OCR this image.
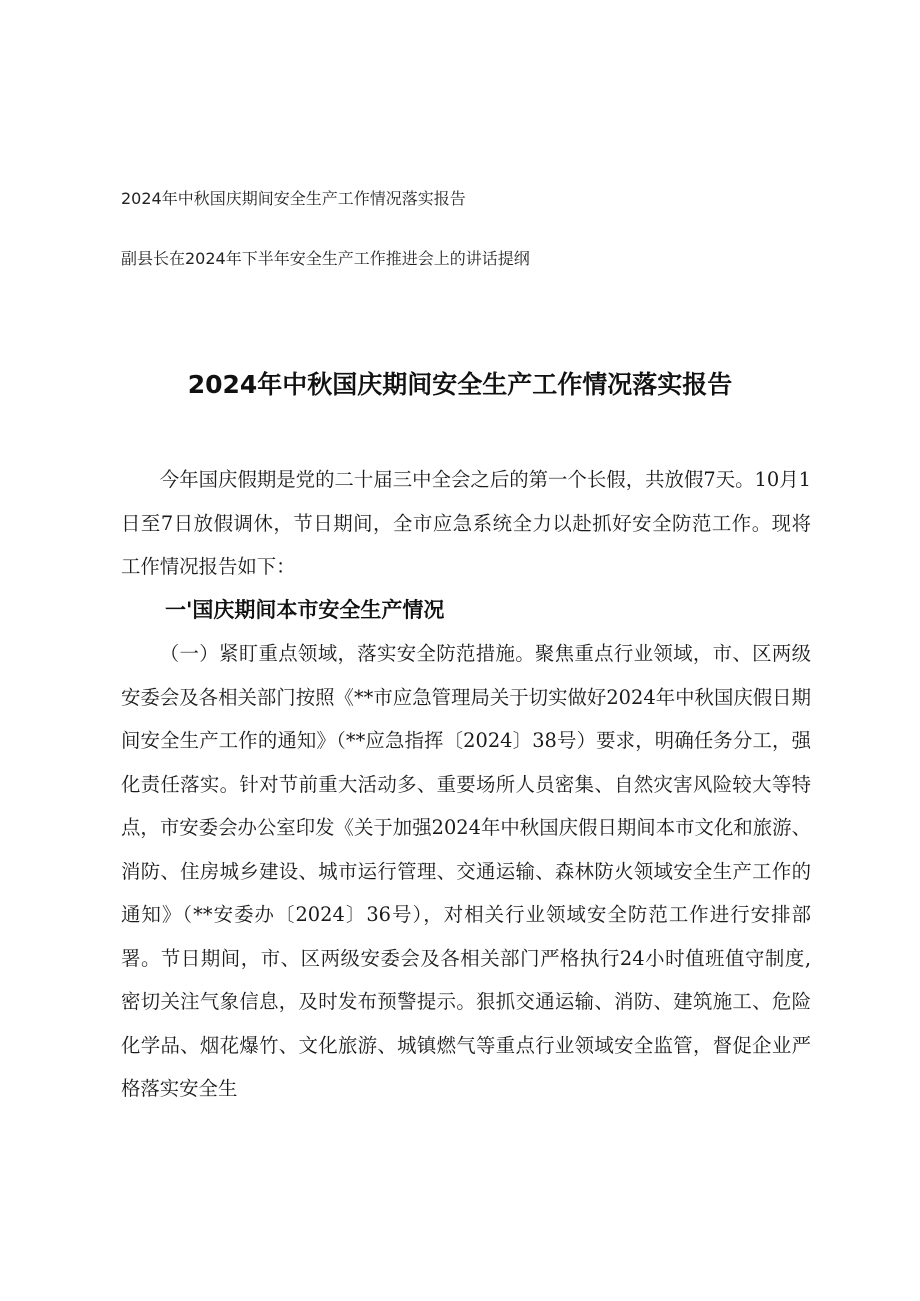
2024年中秋国庆期间安全生产工作情况落实报告

副县长在2024年下半年安全生产工作推进会上的讲话提纲

2024年中秋国庆期间安全生产工作情况落实报告

今年国庆假期是党的二十届三中全会之后的第一个长假，共放假7天。10月1日至7日放假调休，节日期间，全市应急系统全力以赴抓好安全防范工作。现将工作情况报告如下：

一'国庆期间本市安全生产情况

（一）紧盯重点领域，落实安全防范措施。聚焦重点行业领域，市、区两级安委会及各相关部门按照《**市应急管理局关于切实做好2024年中秋国庆假日期间安全生产工作的通知》（**应急指挥〔2024〕38号）要求，明确任务分工，强化责任落实。针对节前重大活动多、重要场所人员密集、自然灾害风险较大等特点，市安委会办公室印发《关于加强2024年中秋国庆假日期间本市文化和旅游、消防、住房城乡建设、城市运行管理、交通运输、森林防火领域安全生产工作的通知》（**安委办〔2024〕36号），对相关行业领域安全防范工作进行安排部署。节日期间，市、区两级安委会及各相关部门严格执行24小时值班值守制度,密切关注气象信息，及时发布预警提示。狠抓交通运输、消防、建筑施工、危险化学品、烟花爆竹、文化旅游、城镇燃气等重点行业领域安全监管，督促企业严格落实安全生
